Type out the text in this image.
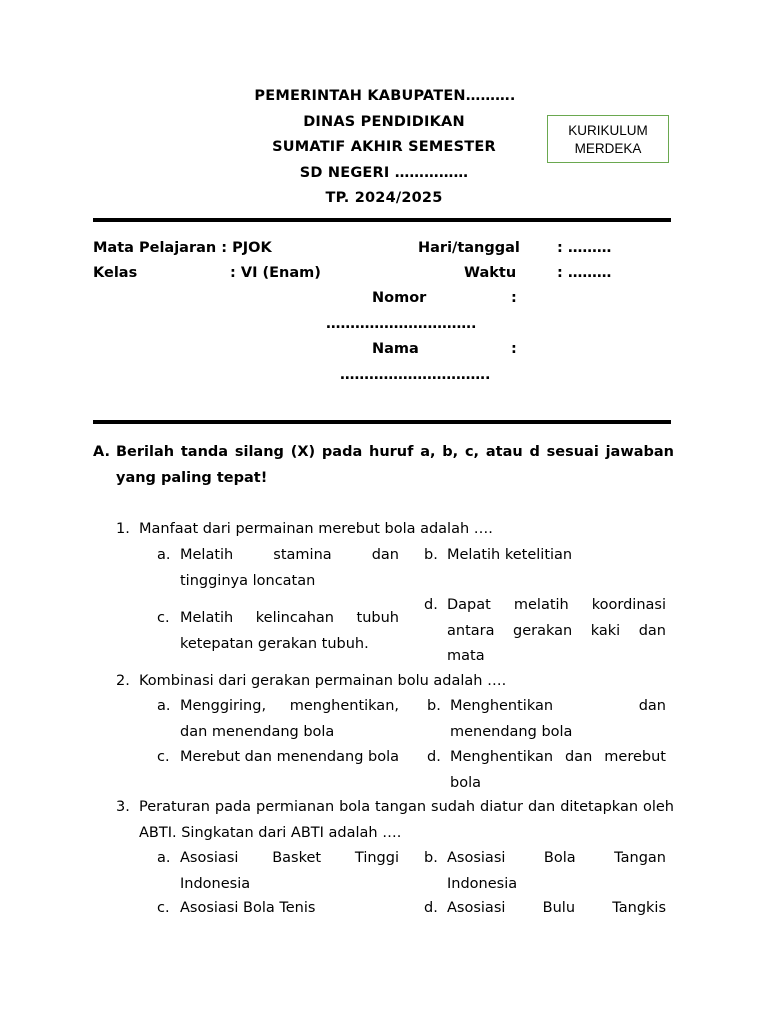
PEMERINTAH KABUPATEN……….
DINAS PENDIDIKAN
SUMATIF AKHIR SEMESTER
SD NEGERI ……………
TP. 2024/2025
KURIKULUM
MERDEKA
Mata Pelajaran : PJOK	Hari/tanggal	: ………
Kelas	: VI (Enam)	Waktu	: ………
Nomor	:
………………………….
Nama	:
………………………….
A. Berilah tanda silang (X) pada huruf a, b, c, atau d sesuai jawaban yang paling tepat!
1. Manfaat dari permainan merebut bola adalah ….
a. Melatih stamina dan tingginya loncatan
b. Melatih ketelitian
c. Melatih kelincahan tubuh ketepatan gerakan tubuh.
d. Dapat melatih koordinasi antara gerakan kaki dan mata
2. Kombinasi dari gerakan permainan bolu adalah ….
a. Menggiring, menghentikan, dan menendang bola
b. Menghentikan dan menendang bola
c. Merebut dan menendang bola d. Menghentikan dan merebut bola
3. Peraturan pada permianan bola tangan sudah diatur dan ditetapkan oleh ABTI. Singkatan dari ABTI adalah ….
a. Asosiasi Basket Tinggi Indonesia
b. Asosiasi Bola Tangan Indonesia
c. Asosiasi Bola Tenis	d. Asosiasi Bulu Tangkis
